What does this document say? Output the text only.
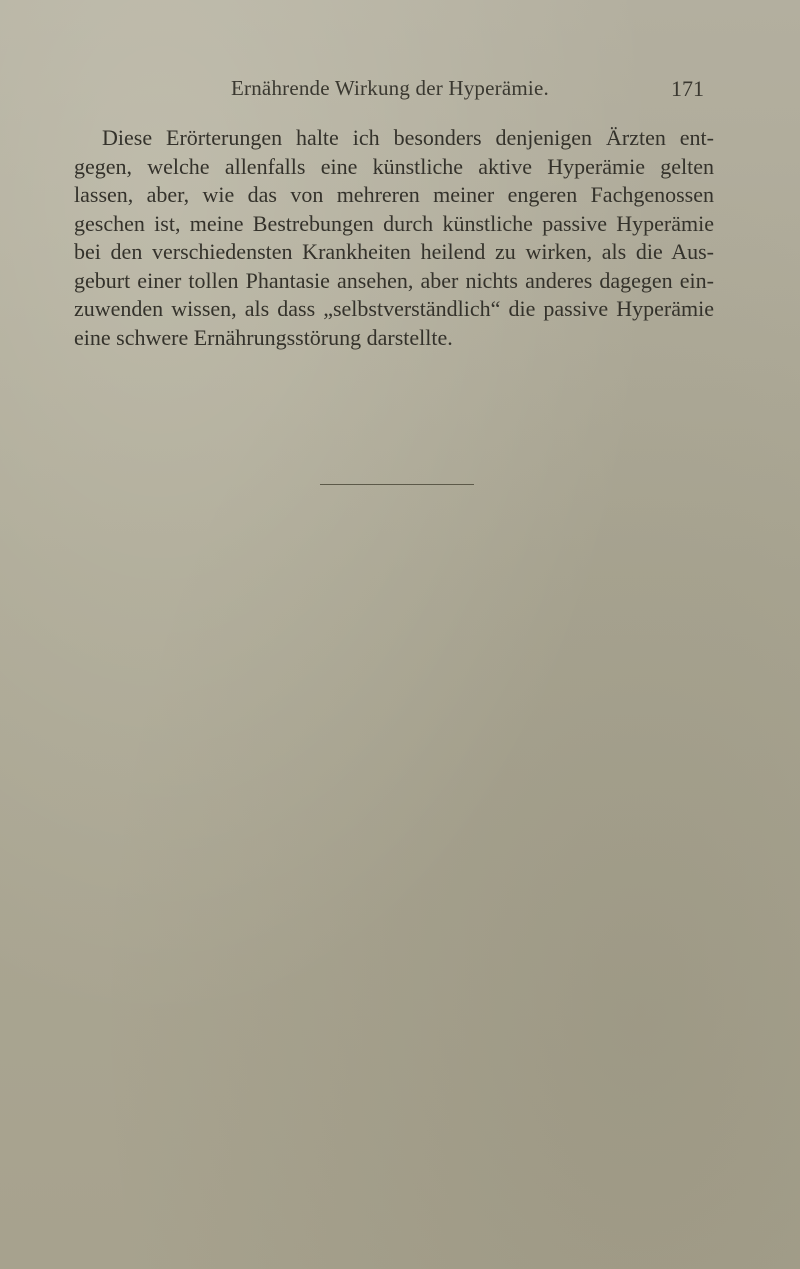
Ernährende Wirkung der Hyperämie.	171
Diese Erörterungen halte ich besonders denjenigen Ärzten ent-
gegen, welche allenfalls eine künstliche aktive Hyperämie gelten
lassen, aber, wie das von mehreren meiner engeren Fachgenossen
geschen ist, meine Bestrebungen durch künstliche passive Hyperämie
bei den verschiedensten Krankheiten heilend zu wirken, als die Aus-
geburt einer tollen Phantasie ansehen, aber nichts anderes dagegen ein-
zuwenden wissen, als dass „selbstverständlich“ die passive Hyperämie
eine schwere Ernährungsstörung darstellte.
